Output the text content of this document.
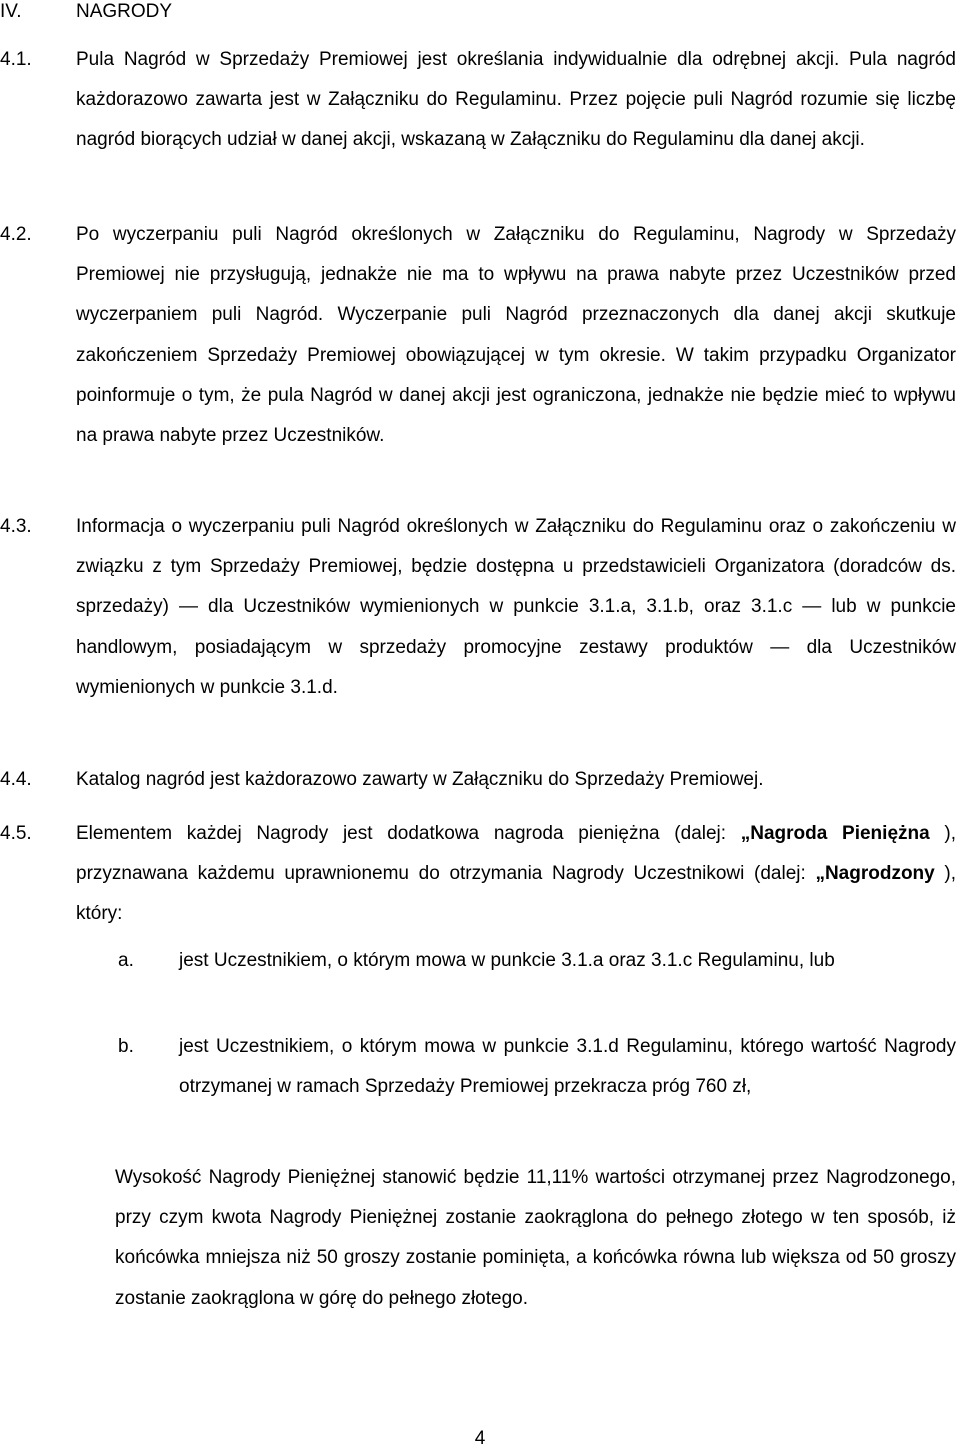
IV.	NAGRODY
4.1. Pula Nagród w Sprzedaży Premiowej jest określania indywidualnie dla odrębnej akcji. Pula nagród każdorazowo zawarta jest w Załączniku do Regulaminu. Przez pojęcie puli Nagród rozumie się liczbę nagród biorących udział w danej akcji, wskazaną w Załączniku do Regulaminu dla danej akcji.
4.2. Po wyczerpaniu puli Nagród określonych w Załączniku do Regulaminu, Nagrody w Sprzedaży Premiowej nie przysługują, jednakże nie ma to wpływu na prawa nabyte przez Uczestników przed wyczerpaniem puli Nagród. Wyczerpanie puli Nagród przeznaczonych dla danej akcji skutkuje zakończeniem Sprzedaży Premiowej obowiązującej w tym okresie. W takim przypadku Organizator poinformuje o tym, że pula Nagród w danej akcji jest ograniczona, jednakże nie będzie mieć to wpływu na prawa nabyte przez Uczestników.
4.3. Informacja o wyczerpaniu puli Nagród określonych w Załączniku do Regulaminu oraz o zakończeniu w związku z tym Sprzedaży Premiowej, będzie dostępna u przedstawicieli Organizatora (doradców ds. sprzedaży) — dla Uczestników wymienionych w punkcie 3.1.a, 3.1.b, oraz 3.1.c — lub w punkcie handlowym, posiadającym w sprzedaży promocyjne zestawy produktów — dla Uczestników wymienionych w punkcie 3.1.d.
4.4. Katalog nagród jest każdorazowo zawarty w Załączniku do Sprzedaży Premiowej.
4.5. Elementem każdej Nagrody jest dodatkowa nagroda pieniężna (dalej: „Nagroda Pieniężna ), przyznawana każdemu uprawnionemu do otrzymania Nagrody Uczestnikowi (dalej: „Nagrodzony ), który:
a. jest Uczestnikiem, o którym mowa w punkcie 3.1.a oraz 3.1.c Regulaminu, lub
b. jest Uczestnikiem, o którym mowa w punkcie 3.1.d Regulaminu, którego wartość Nagrody otrzymanej w ramach Sprzedaży Premiowej przekracza próg 760 zł,
Wysokość Nagrody Pieniężnej stanowić będzie 11,11% wartości otrzymanej przez Nagrodzonego, przy czym kwota Nagrody Pieniężnej zostanie zaokrąglona do pełnego złotego w ten sposób, iż końcówka mniejsza niż 50 groszy zostanie pominięta, a końcówka równa lub większa od 50 groszy zostanie zaokrąglona w górę do pełnego złotego.
4
